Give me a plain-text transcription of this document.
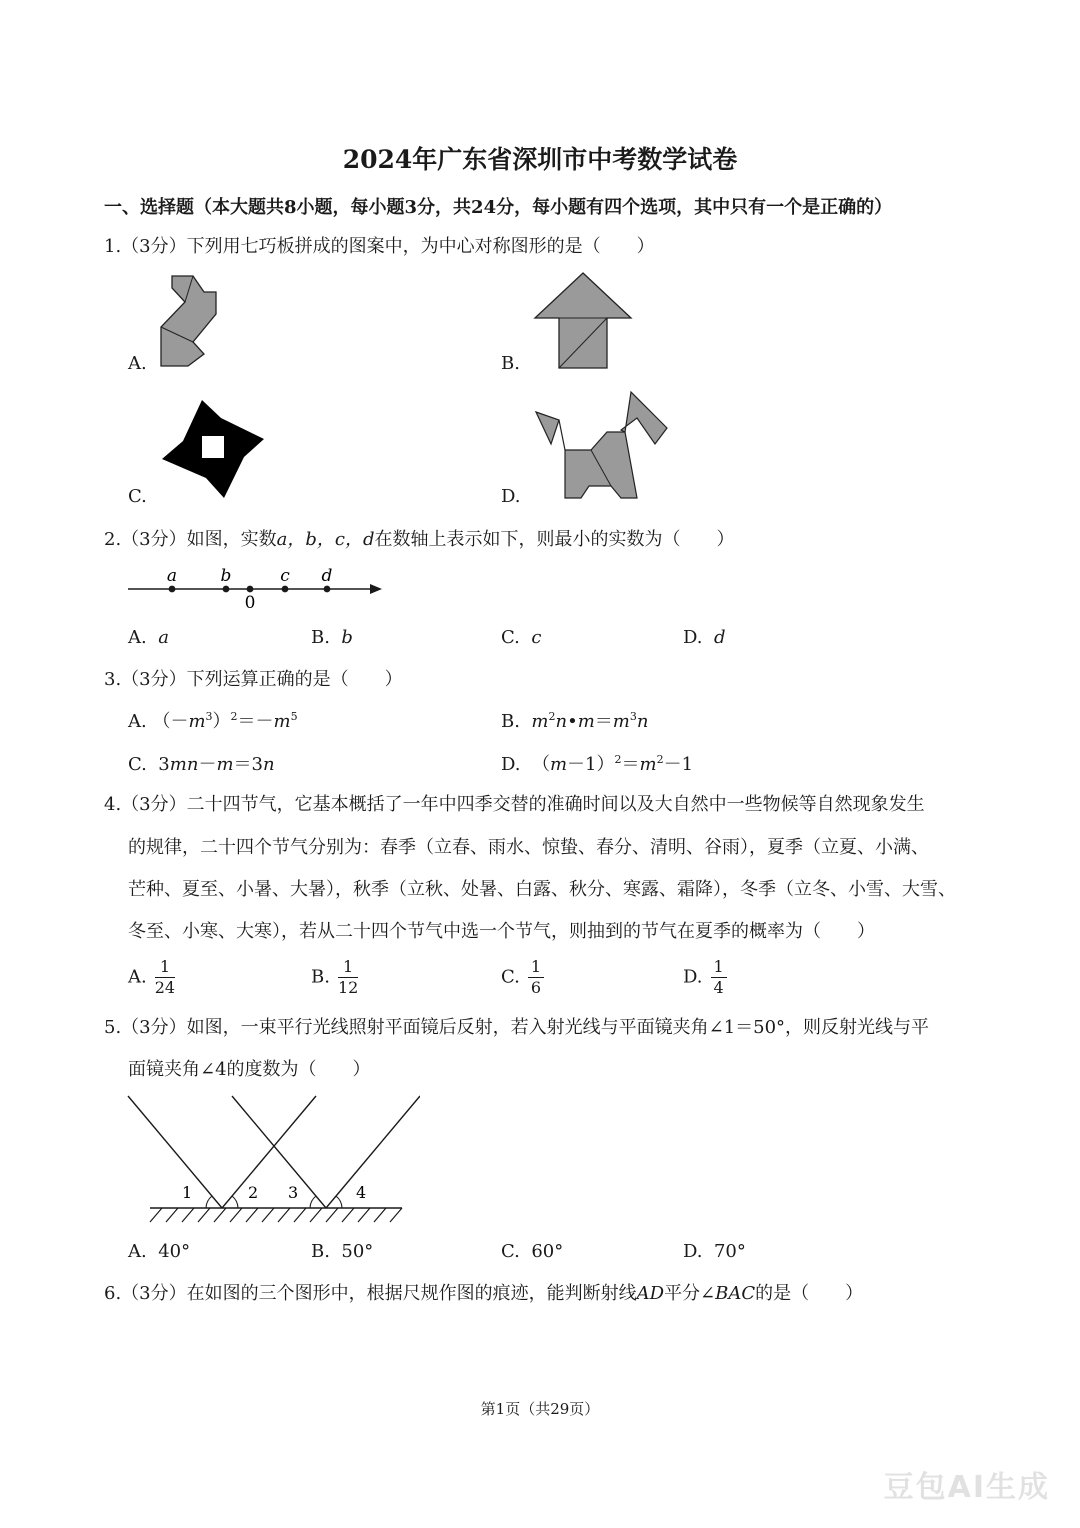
2024年广东省深圳市中考数学试卷
一、选择题（本大题共8小题，每小题3分，共24分，每小题有四个选项，其中只有一个是正确的）
1.（3分）下列用七巧板拼成的图案中，为中心对称图形的是（　　）
A.	B.
C.	D.
2.（3分）如图，实数a，b，c，d在数轴上表示如下，则最小的实数为（　　）
a	b	c d
0
A. a	B. b	C. c	D. d
3.（3分）下列运算正确的是（　　）
A. $(-m^3)^2=-m^5$	B. $m^2n•m=m^3n$
C.  3mn－m＝3n	D.  $(m-1)^2=m^2-1$
4.（3分）二十四节气，它基本概括了一年中四季交替的准确时间以及大自然中一些物候等自然现象发生
的规律，二十四个节气分别为：春季（立春、雨水、惊蛰、春分、清明、谷雨），夏季（立夏、小满、
芒种、夏至、小暑、大暑），秋季（立秋、处暑、白露、秋分、寒露、霜降），冬季（立冬、小雪、大雪、
冬至、小寒、大寒），若从二十四个节气中选一个节气，则抽到的节气在夏季的概率为（　　）
A. $\frac{1}{24}$	B. $\frac{1}{12}$	C. $\frac{1}{6}$	D. $\frac{1}{4}$
5.（3分）如图，一束平行光线照射平面镜后反射，若入射光线与平面镜夹角∠1＝50°，则反射光线与平
面镜夹角∠4的度数为（　　）
1	2 3	4
A. 40°	B. 50°	C. 60°	D. 70°
6.（3分）在如图的三个图形中，根据尺规作图的痕迹，能判断射线AD平分∠BAC的是（　　）
第1页（共29页）
豆包AI生成
